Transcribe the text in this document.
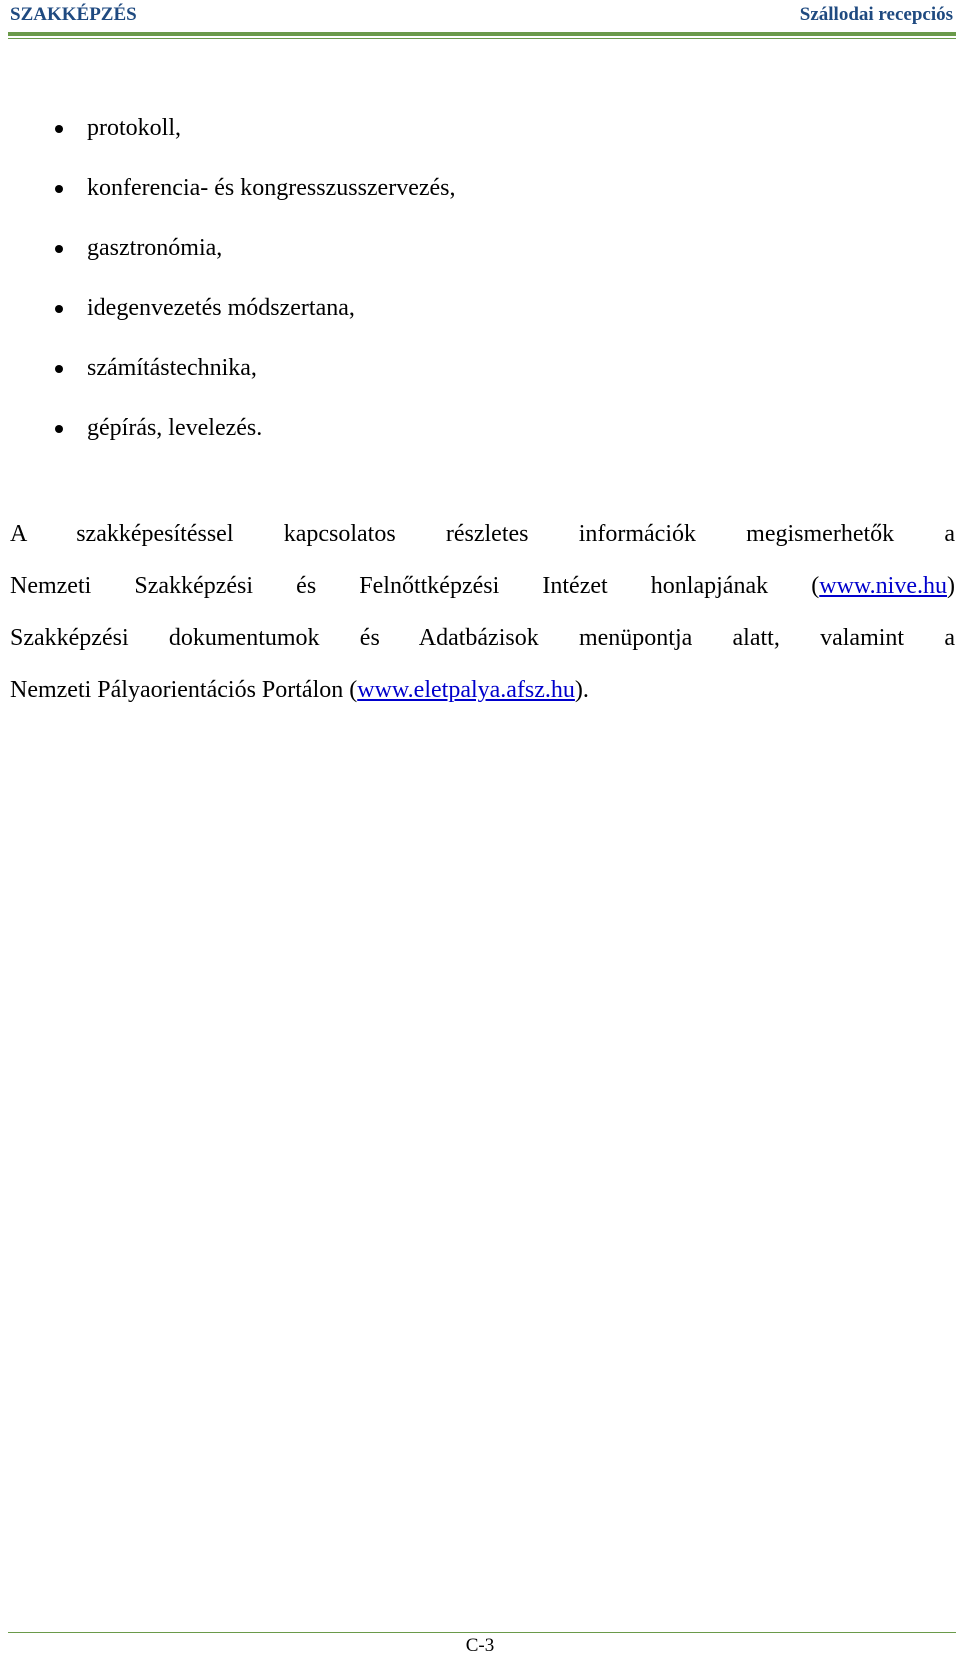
SZAKKÉPZÉS	Szállodai recepciós
protokoll,
konferencia- és kongresszusszervezés,
gasztronómia,
idegenvezetés módszertana,
számítástechnika,
gépírás, levelezés.
A szakképesítéssel kapcsolatos részletes információk megismerhetők a
Nemzeti Szakképzési és Felnőttképzési Intézet honlapjának (www.nive.hu)
Szakképzési dokumentumok és Adatbázisok menüpontja alatt, valamint a
Nemzeti Pályaorientációs Portálon (www.eletpalya.afsz.hu).
C-3
